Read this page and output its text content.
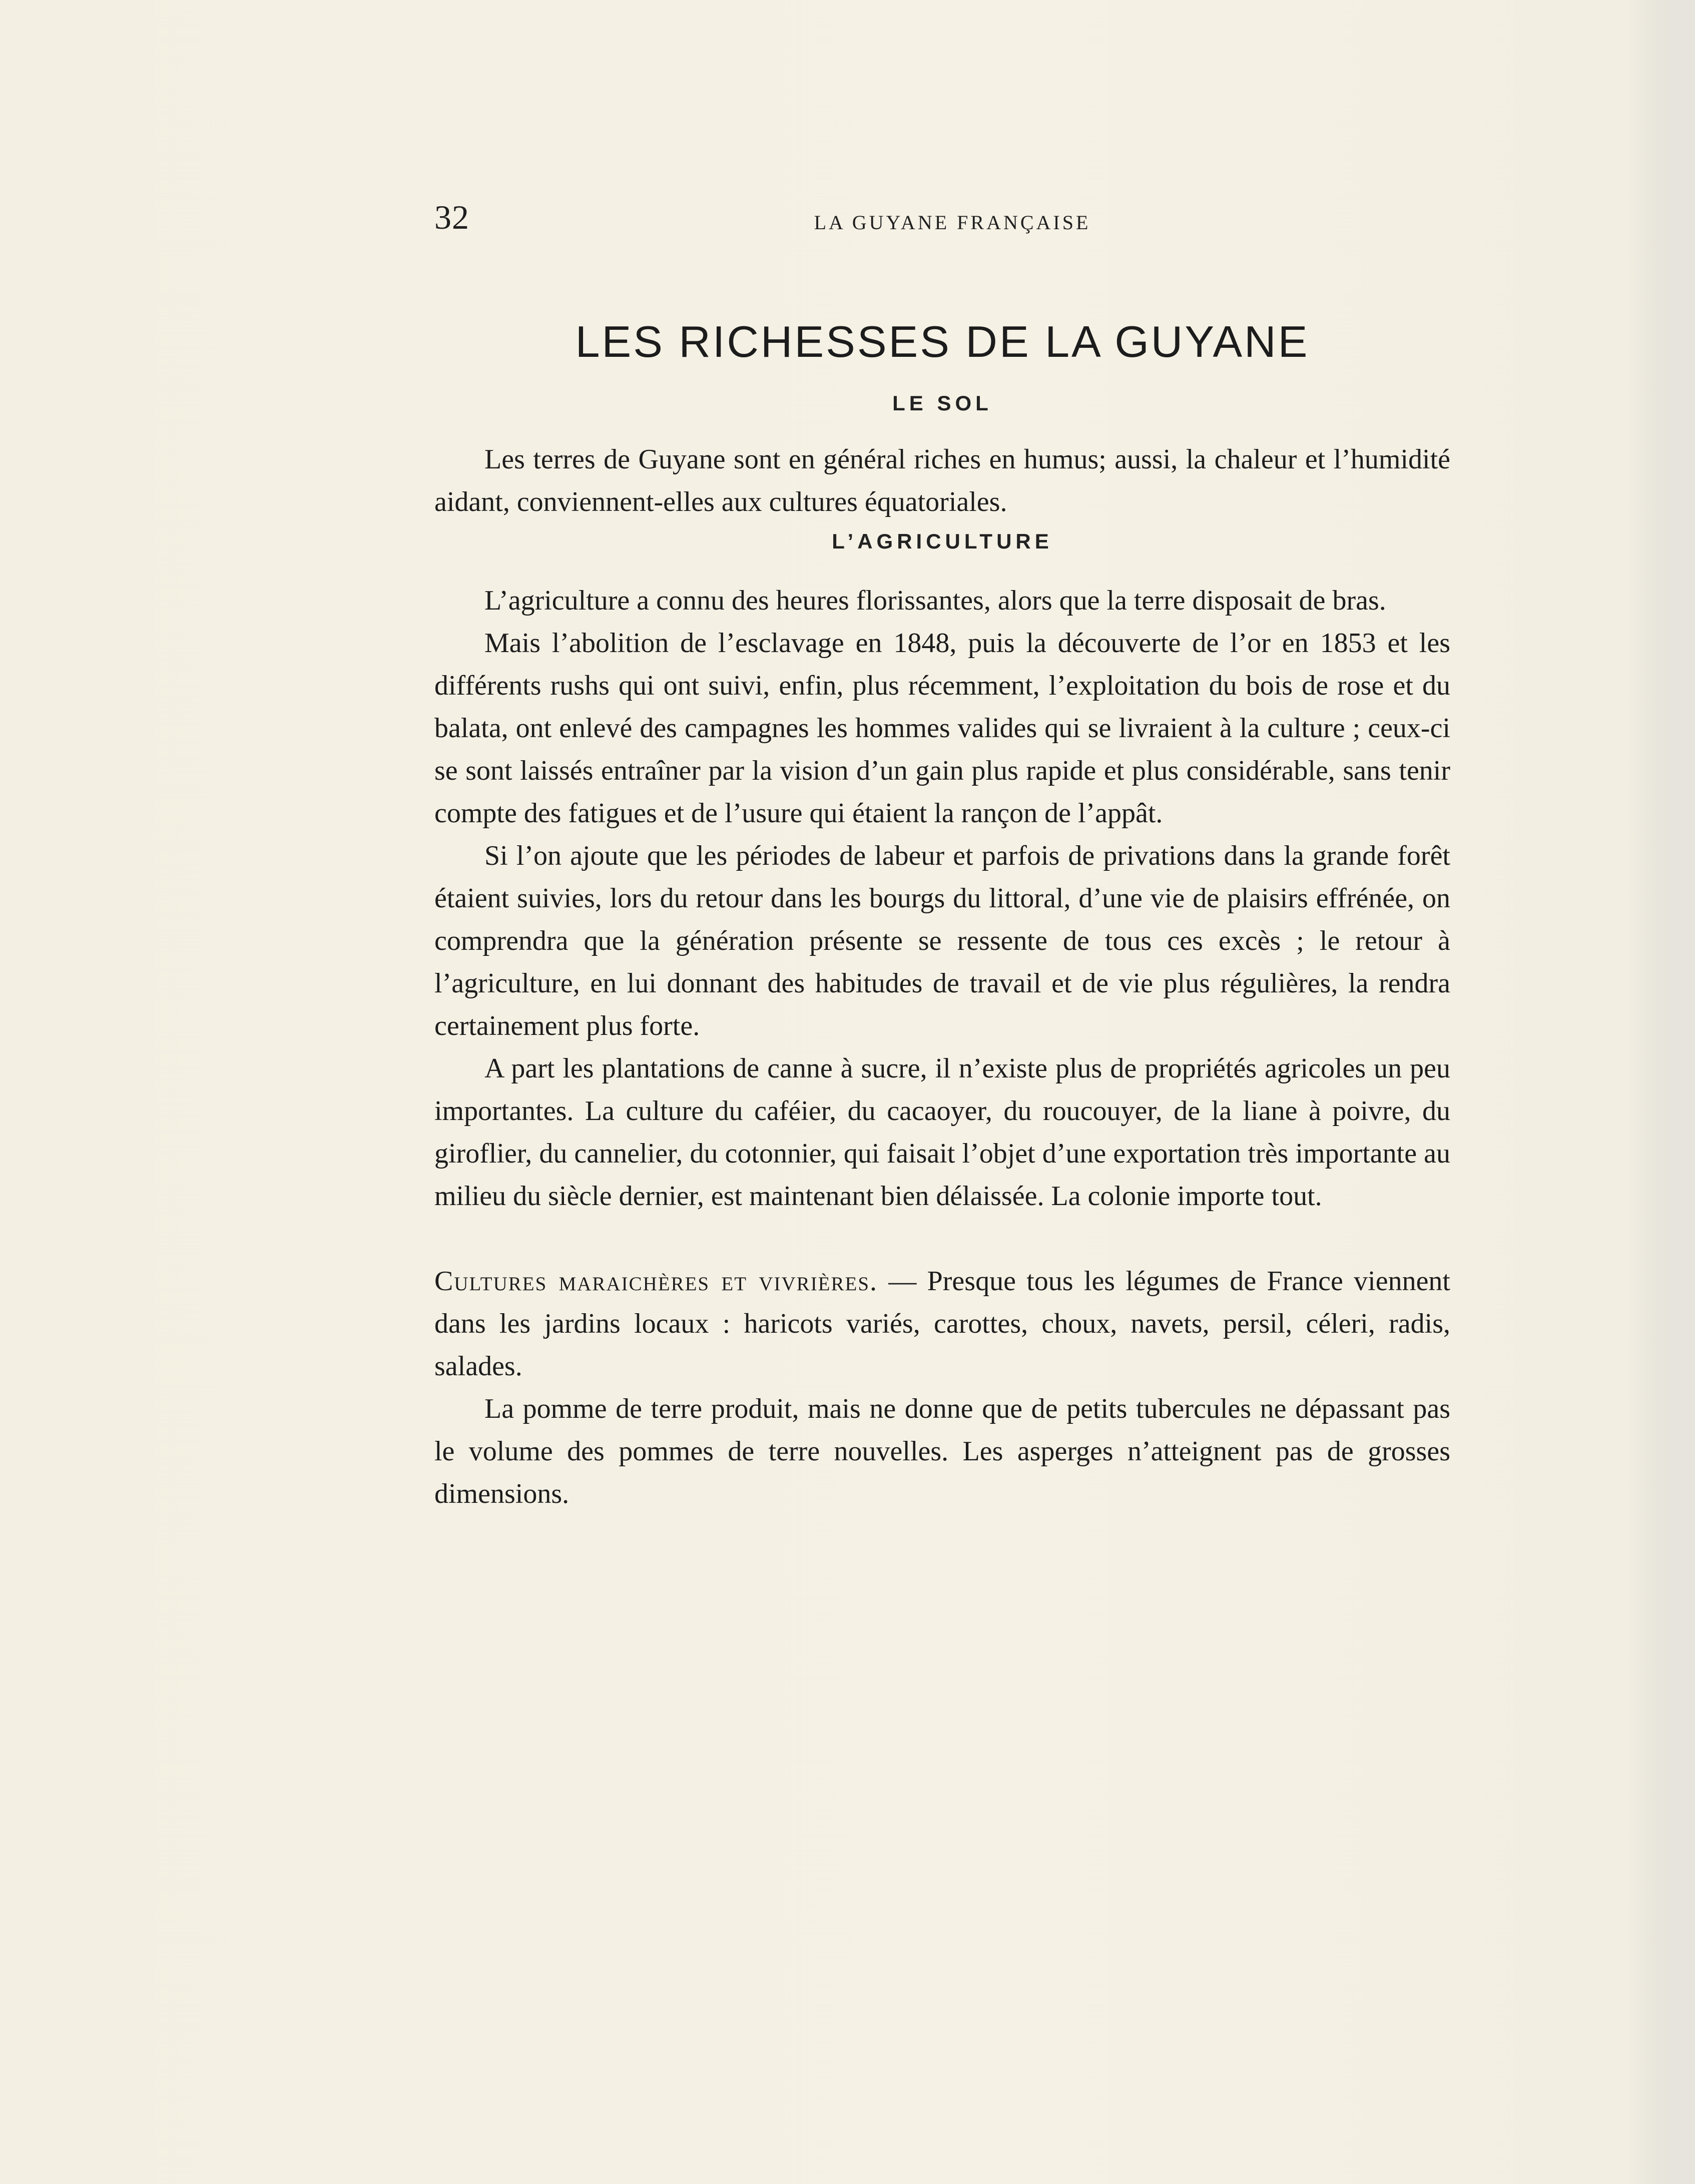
32	LA GUYANE FRANÇAISE
LES RICHESSES DE LA GUYANE
LE SOL

Les terres de Guyane sont en général riches en humus; aussi, la chaleur et l’humidité aidant, conviennent-elles aux cultures équatoriales.

L’AGRICULTURE

L’agriculture a connu des heures florissantes, alors que la terre disposait de bras.

Mais l’abolition de l’esclavage en 1848, puis la découverte de l’or en 1853 et les différents rushs qui ont suivi, enfin, plus récemment, l’exploitation du bois de rose et du balata, ont enlevé des campagnes les hommes valides qui se livraient à la culture ; ceux-ci se sont laissés entraîner par la vision d’un gain plus rapide et plus considérable, sans tenir compte des fatigues et de l’usure qui étaient la rançon de l’appât.

Si l’on ajoute que les périodes de labeur et parfois de privations dans la grande forêt étaient suivies, lors du retour dans les bourgs du littoral, d’une vie de plaisirs effrénée, on comprendra que la génération présente se ressente de tous ces excès ; le retour à l’agriculture, en lui donnant des habitudes de travail et de vie plus régulières, la rendra certainement plus forte.

A part les plantations de canne à sucre, il n’existe plus de propriétés agricoles un peu importantes. La culture du caféier, du cacaoyer, du roucouyer, de la liane à poivre, du giroflier, du cannelier, du cotonnier, qui faisait l’objet d’une exportation très importante au milieu du siècle dernier, est maintenant bien délaissée. La colonie importe tout.

Cultures maraichères et vivrières. — Presque tous les légumes de France viennent dans les jardins locaux : haricots variés, carottes, choux, navets, persil, céleri, radis, salades.

La pomme de terre produit, mais ne donne que de petits tubercules ne dépassant pas le volume des pommes de terre nouvelles. Les asperges n’atteignent pas de grosses dimensions.
